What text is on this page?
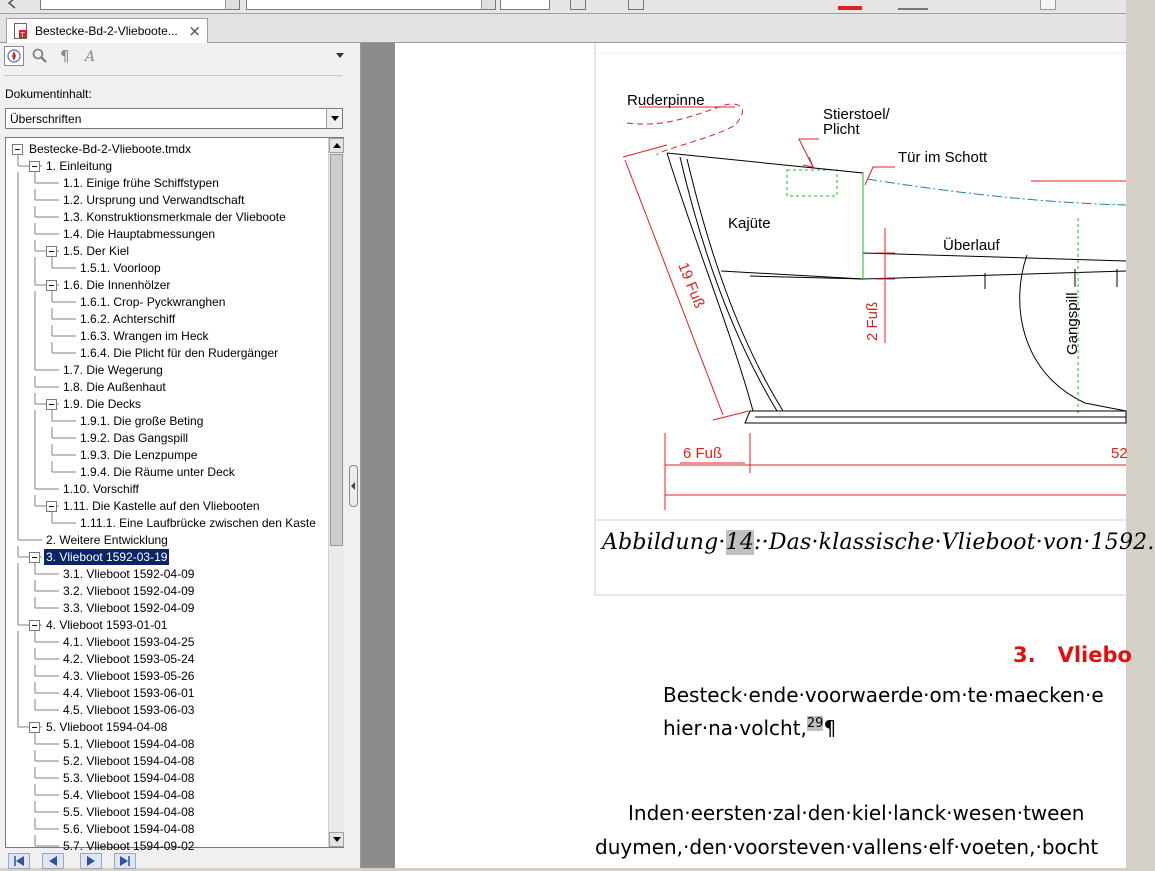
T Bestecke-Bd-2-Vlieboote... ×
¶ A
Dokumentinhalt:
Überschriften
Bestecke-Bd-2-Vlieboote.tmdx
1. Einleitung
1.1. Einige frühe Schiffstypen
1.2. Ursprung und Verwandtschaft
1.3. Konstruktionsmerkmale der Vlieboote
1.4. Die Hauptabmessungen
1.5. Der Kiel
1.5.1. Voorloop
1.6. Die Innenhölzer
1.6.1. Crop- Pyckwranghen
1.6.2. Achterschiff
1.6.3. Wrangen im Heck
1.6.4. Die Plicht für den Rudergänger
1.7. Die Wegerung
1.8. Die Außenhaut
1.9. Die Decks
1.9.1. Die große Beting
1.9.2. Das Gangspill
1.9.3. Die Lenzpumpe
1.9.4. Die Räume unter Deck
1.10. Vorschiff
1.11. Die Kastelle auf den Vliebooten
1.11.1. Eine Laufbrücke zwischen den Kaste
2. Weitere Entwicklung
3. Vlieboot 1592-03-19
3.1. Vlieboot 1592-04-09
3.2. Vlieboot 1592-04-09
3.3. Vlieboot 1592-04-09
4. Vlieboot 1593-01-01
4.1. Vlieboot 1593-04-25
4.2. Vlieboot 1593-05-24
4.3. Vlieboot 1593-05-26
4.4. Vlieboot 1593-06-01
4.5. Vlieboot 1593-06-03
5. Vlieboot 1594-04-08
5.1. Vlieboot 1594-04-08
5.2. Vlieboot 1594-04-08
5.3. Vlieboot 1594-04-08
5.4. Vlieboot 1594-04-08
5.5. Vlieboot 1594-04-08
5.6. Vlieboot 1594-04-08
5.7. Vlieboot 1594-09-02
Ruderpinne
Stierstoel/
Plicht
Tür im Schott
Kajüte
Überlauf
Gangspill
19 Fuß
2 Fuß
6 Fuß	52
Abbildung·14:·Das·klassische·Vlieboot·von·1592.
3. Vliebo
Besteck·ende·voorwaerde·om·te·maecken·e
hier·na·volcht,$^{29}$¶
Inden·eersten·zal·den·kiel·lanck·wesen·tween
duymen,·den·voorsteven·vallens·elf·voeten,·bocht
